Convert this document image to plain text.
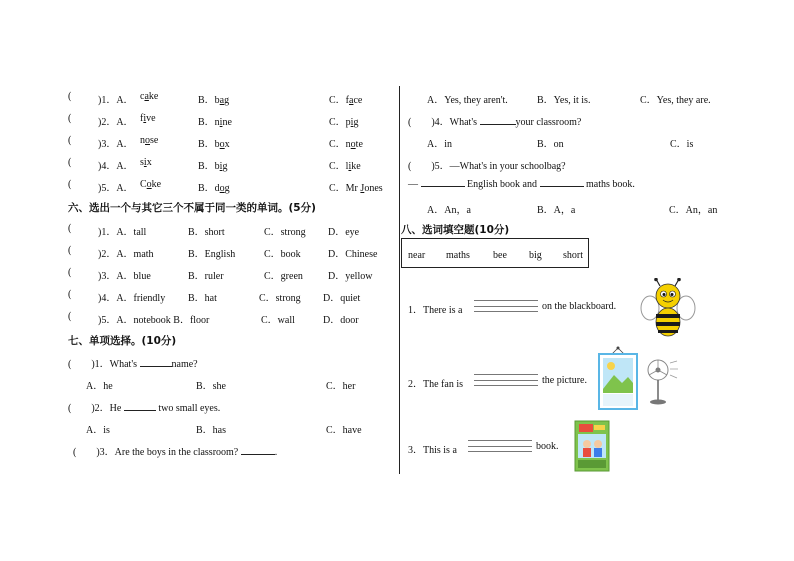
(	)1．A． cake	B．bag	C．face
(	)2．A． five	B．nine	C．pig
(	)3．A． nose	B．box	C．note
(	)4．A． six	B．big	C．like
(	)5．A． Coke	B．dog	C．Mr Jones
六、选出一个与其它三个不属于同一类的单词。(5分)
(	)1．A．tall	B．short	C．strong D．eye
(	)2．A．math	B．English	C．book	D．Chinese
(	)3．A．blue	B．ruler	C．green	D．yellow
(	)4．A．friendly B．hat	C．strong D．quiet
(	)5．A．notebook B．floor	C．wall	D．door
七、单项选择。(10分)
(　　)1．What's	name?
A．he	B．she	C．her
(　　)2．He	two small eyes.
A．is	B．has	C．have
(　　)3．Are the boys in the classroom?	.
A．Yes, they aren't.	B．Yes, it is.	C．Yes, they are.
(　　)4．What's	your classroom?
A．in	B．on	C．is
(　　)5．—What's in your schoolbag?
—	English book and	maths book.
A．An，a	B．A，a	C．An，an
八、选词填空题(10分)
near maths bee big short
1．There is a	on the blackboard.
2．The fan is	the picture.
3．This is a	book.
